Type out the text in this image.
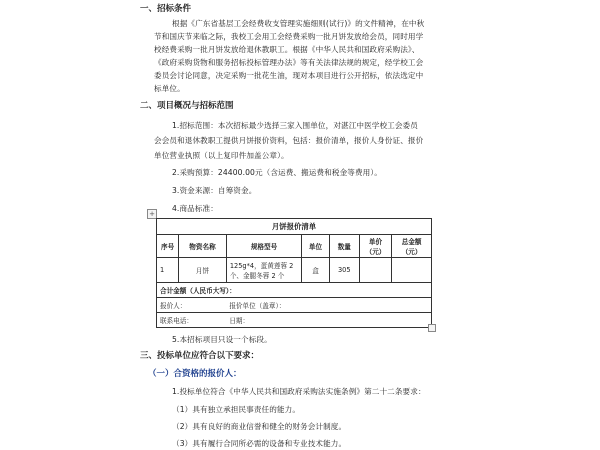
一、招标条件
根据《广东省基层工会经费收支管理实施细则(试行)》的文件精神，在中秋
节和国庆节来临之际，我校工会用工会经费采购一批月饼发放给会员，同时用学
校经费采购一批月饼发放给退休教职工。根据《中华人民共和国政府采购法》、
《政府采购货物和服务招标投标管理办法》等有关法律法规的规定，经学校工会
委员会讨论同意，决定采购一批花生油，现对本项目进行公开招标，依法选定中
标单位。
二、项目概况与招标范围
1.招标范围：本次招标最少选择三家入围单位，对湛江中医学校工会委员
会会员和退休教职工提供月饼报价资料，包括：报价清单，报价人身份证、报价
单位营业执照（以上复印件加盖公章）。
2.采购预算：24400.00元（含运费、搬运费和税金等费用）。
3.资金来源：自筹资金。
4.商品标准：
+
月饼报价清单						
序号	物资名称	规格型号	单位	数量	单价（元）	总金额（元）
1	月饼	125g*4，蛋黄莲蓉 2 个、金腿冬蓉 2 个	盒	305		
合计金额（人民币大写）：						
报价人：		报价单位（盖章）：				
联系电话：		日期：				
5.本招标项目只设一个标段。
三、投标单位应符合以下要求：
（一）合资格的报价人：
1.投标单位符合《中华人民共和国政府采购法实施条例》第二十二条要求：
（1）具有独立承担民事责任的能力。
（2）具有良好的商业信誉和健全的财务会计制度。
（3）具有履行合同所必需的设备和专业技术能力。
